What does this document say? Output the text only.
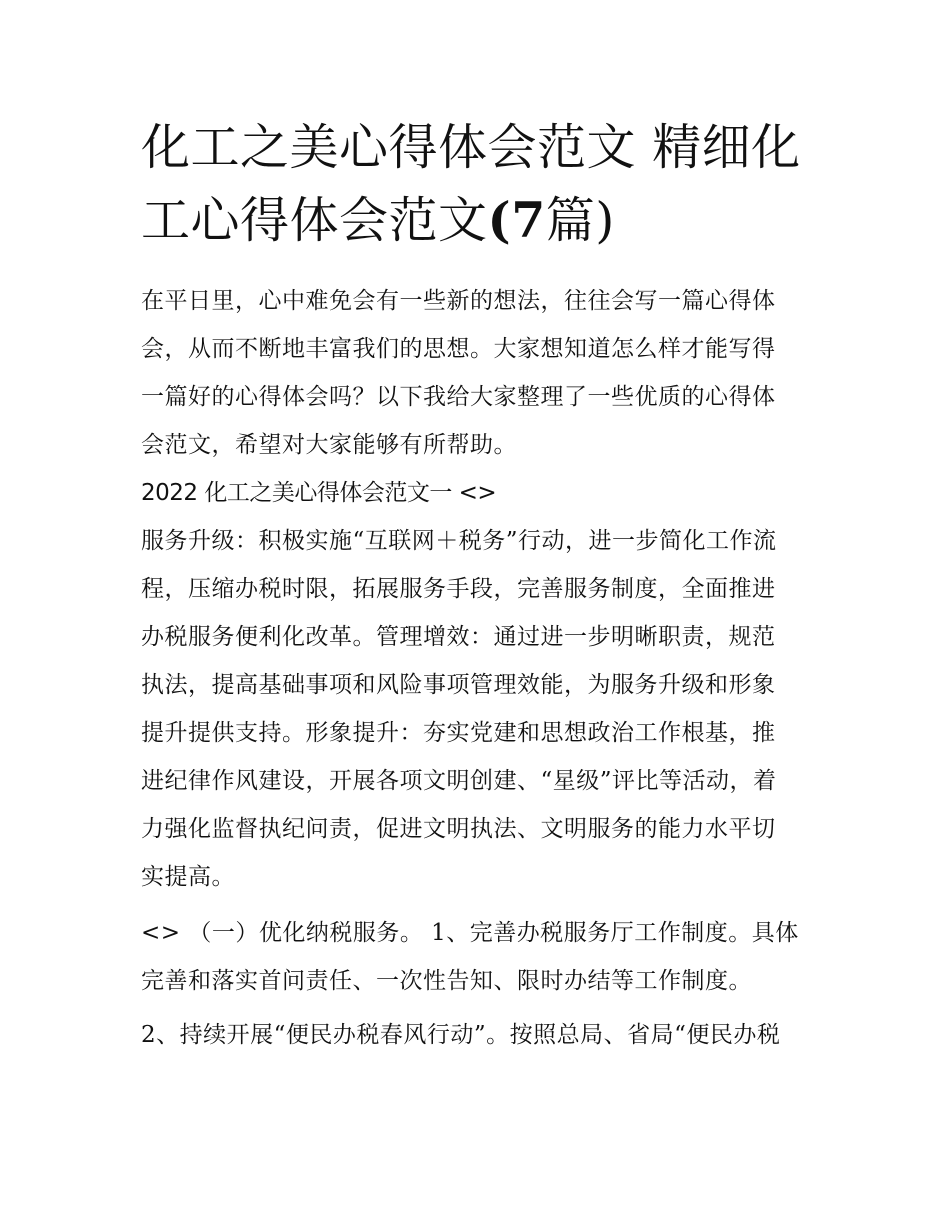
化工之美心得体会范文 精细化
工心得体会范文(7篇)

在平日里，心中难免会有一些新的想法，往往会写一篇心得体
会，从而不断地丰富我们的思想。大家想知道怎么样才能写得
一篇好的心得体会吗？以下我给大家整理了一些优质的心得体
会范文，希望对大家能够有所帮助。

2022 化工之美心得体会范文一 <>

服务升级：积极实施“互联网＋税务”行动，进一步简化工作流
程，压缩办税时限，拓展服务手段，完善服务制度，全面推进
办税服务便利化改革。管理增效：通过进一步明晰职责，规范
执法，提高基础事项和风险事项管理效能，为服务升级和形象
提升提供支持。形象提升：夯实党建和思想政治工作根基，推
进纪律作风建设，开展各项文明创建、“星级”评比等活动，着
力强化监督执纪问责，促进文明执法、文明服务的能力水平切
实提高。

<> （一）优化纳税服务。 1、完善办税服务厅工作制度。具体
完善和落实首问责任、一次性告知、限时办结等工作制度。

2、持续开展“便民办税春风行动”。按照总局、省局“便民办税
